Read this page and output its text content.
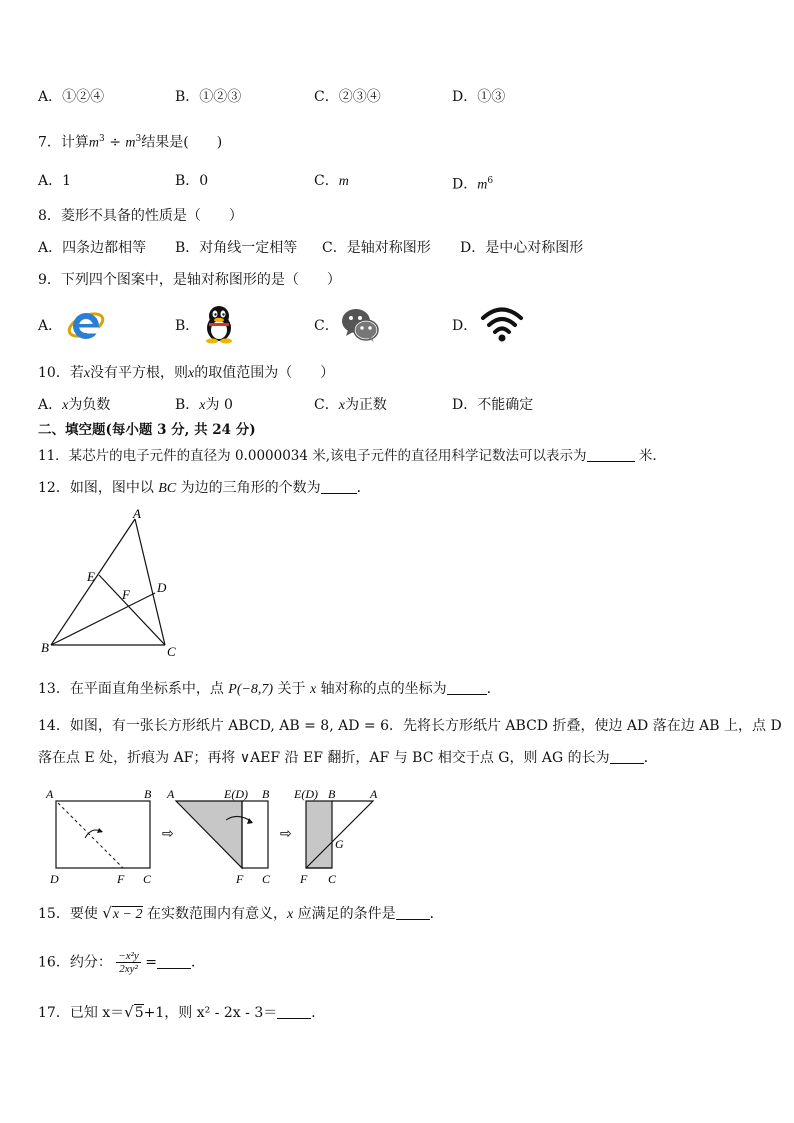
A．①②④	B．①②③	C．②③④	D．①③
7．计算$m^3 \div m^3$结果是(　　)
A．1	B．0	C．m	D．$m^6$
8．菱形不具备的性质是（　　）
A．四条边都相等 B．对角线一定相等 C．是轴对称图形 D．是中心对称图形
9．下列四个图案中，是轴对称图形的是（　　）
A．	B．	C．	D．
10．若x没有平方根，则x的取值范围为（　　）
A．x为负数	B．x为 0	C．x为正数	D．不能确定
二、填空题(每小题 3 分, 共 24 分)
11．某芯片的电子元件的直径为 0.0000034 米,该电子元件的直径用科学记数法可以表示为	米.
12．如图，图中以 BC 为边的三角形的个数为	．
A
E
D
F
B	C
13．在平面直角坐标系中，点 P(−8,7) 关于 x 轴对称的点的坐标为	.
14．如图，有一张长方形纸片 ABCD, AB = 8, AD = 6．先将长方形纸片 ABCD 折叠，使边 AD 落在边 AB 上，点 D
落在点 E 处，折痕为 AF；再将 ∨AEF 沿 EF 翻折，AF 与 BC 相交于点 G，则 AG 的长为 ．
A	B
D	F C
⇨
A	E(D) B
F C
⇨
E(D) B	A
G
F C
15．要使 √x − 2 在实数范围内有意义，x 应满足的条件是 ．
16．约分： $\frac{\text{−x²y}}{\text{2xy²}}$ = ．
17．已知 x＝√5+1，则 x² - 2x - 3＝ ．
